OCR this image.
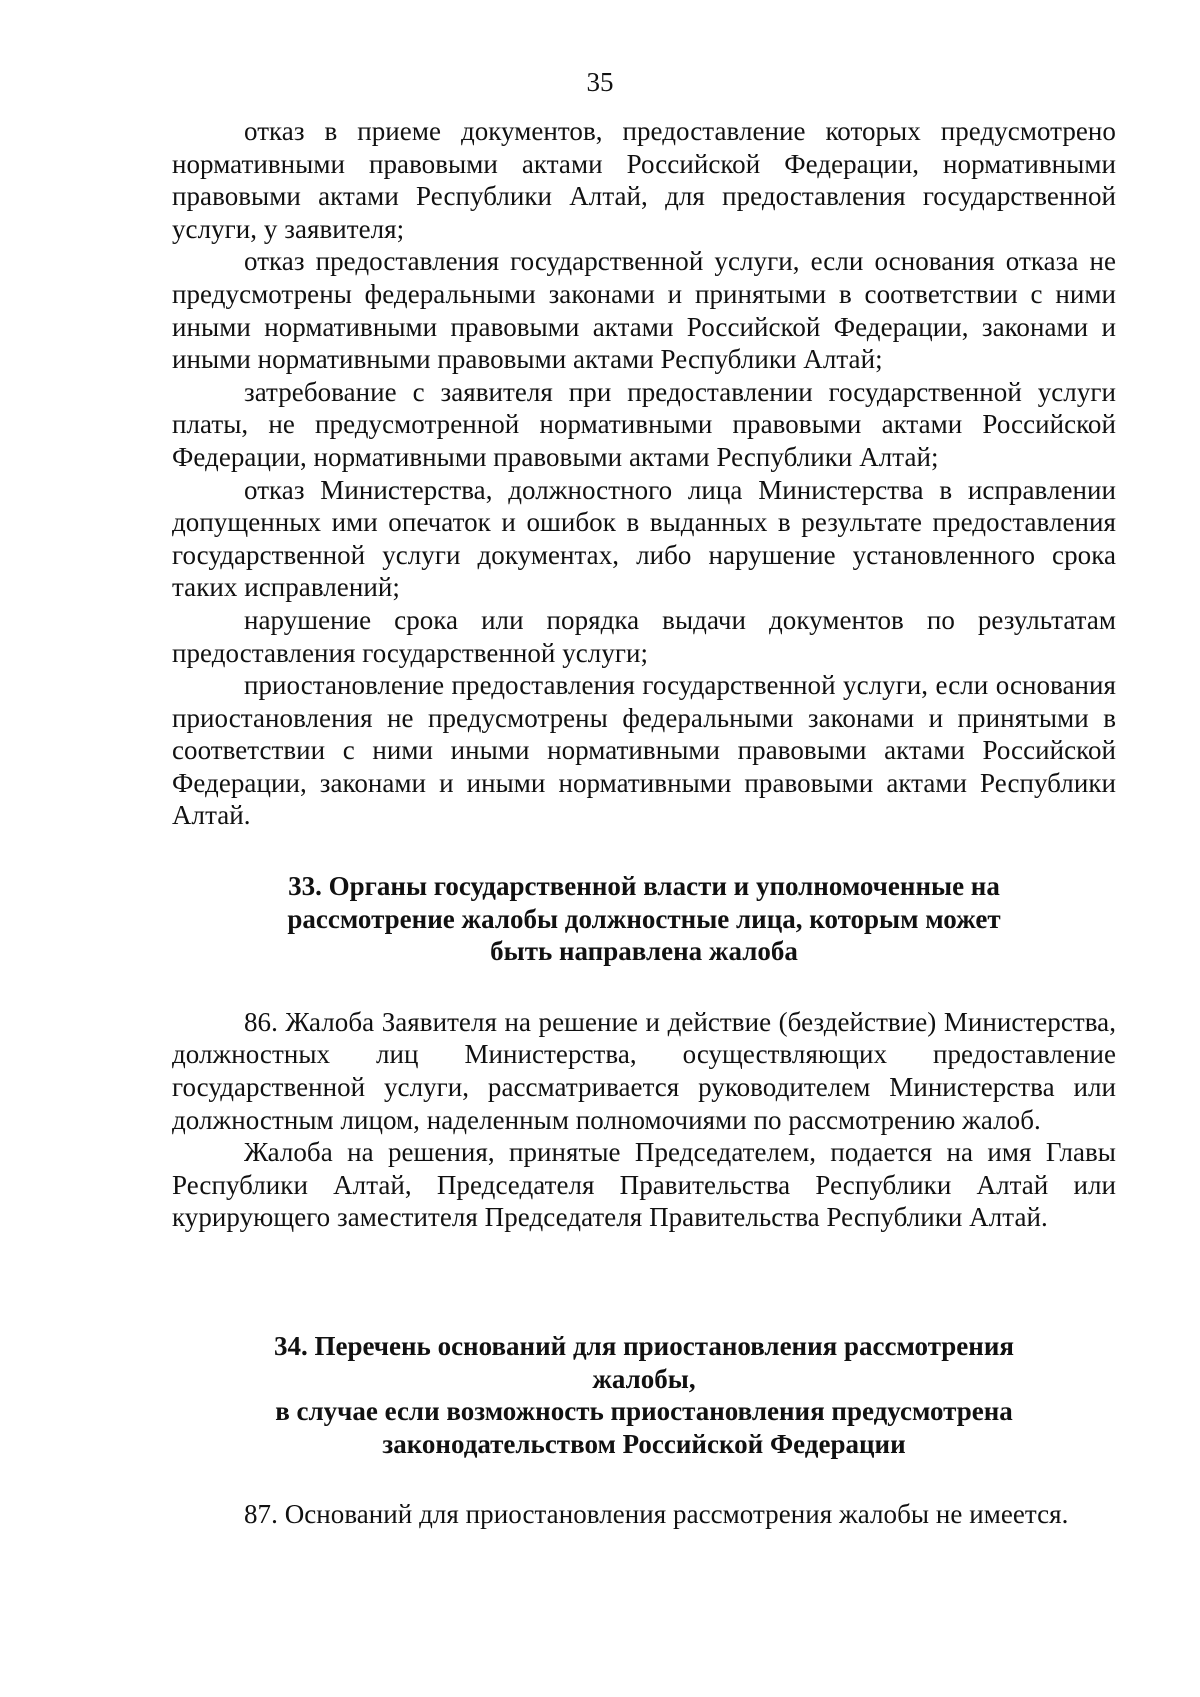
35

отказ в приеме документов, предоставление которых предусмотрено нормативными правовыми актами Российской Федерации, нормативными правовыми актами Республики Алтай, для предоставления государственной услуги, у заявителя;

отказ предоставления государственной услуги, если основания отказа не предусмотрены федеральными законами и принятыми в соответствии с ними иными нормативными правовыми актами Российской Федерации, законами и иными нормативными правовыми актами Республики Алтай;

затребование с заявителя при предоставлении государственной услуги платы, не предусмотренной нормативными правовыми актами Российской Федерации, нормативными правовыми актами Республики Алтай;

отказ Министерства, должностного лица Министерства в исправлении допущенных ими опечаток и ошибок в выданных в результате предоставления государственной услуги документах, либо нарушение установленного срока таких исправлений;

нарушение срока или порядка выдачи документов по результатам предоставления государственной услуги;

приостановление предоставления государственной услуги, если основания приостановления не предусмотрены федеральными законами и принятыми в соответствии с ними иными нормативными правовыми актами Российской Федерации, законами и иными нормативными правовыми актами Республики Алтай.

33. Органы государственной власти и уполномоченные на
рассмотрение жалобы должностные лица, которым может
быть направлена жалоба

86. Жалоба Заявителя на решение и действие (бездействие) Министерства, должностных лиц Министерства, осуществляющих предоставление государственной услуги, рассматривается руководителем Министерства или должностным лицом, наделенным полномочиями по рассмотрению жалоб.

Жалоба на решения, принятые Председателем, подается на имя Главы Республики Алтай, Председателя Правительства Республики Алтай или курирующего заместителя Председателя Правительства Республики Алтай.

34. Перечень оснований для приостановления рассмотрения
жалобы,
в случае если возможность приостановления предусмотрена
законодательством Российской Федерации

87. Оснований для приостановления рассмотрения жалобы не имеется.
